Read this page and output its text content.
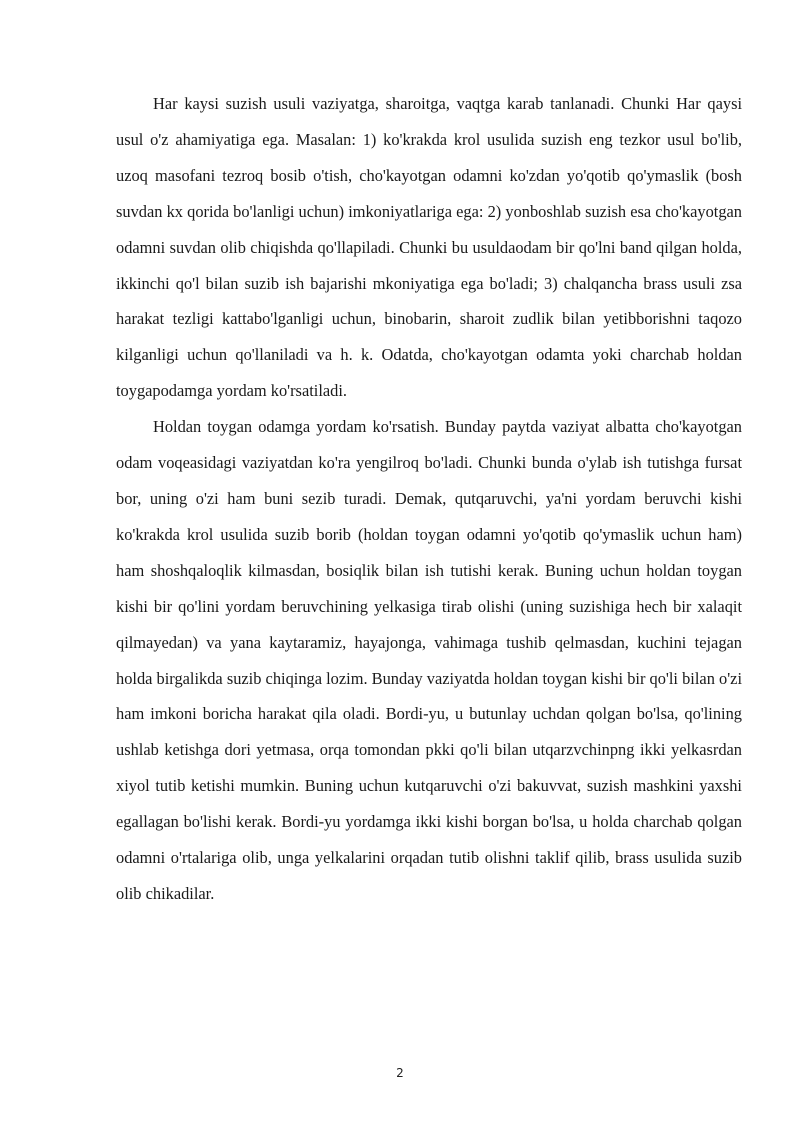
Har kaysi suzish usuli vaziyatga, sharoitga, vaqtga karab tanlanadi. Chunki Har qaysi usul o'z ahamiyatiga ega. Masalan: 1) ko'krakda krol usulida suzish eng tezkor usul bo'lib, uzoq masofani tezroq bosib o'tish, cho'kayotgan odamni ko'zdan yo'qotib qo'ymaslik (bosh suvdan kx qorida bo'lanligi uchun) imkoniyatlariga ega: 2) yonboshlab suzish esa cho'kayotgan odamni suvdan olib chiqishda qo'llapiladi. Chunki bu usuldaodam bir qo'lni band qilgan holda, ikkinchi qo'l bilan suzib ish bajarishi mkoniyatiga ega bo'ladi; 3) chalqancha brass usuli zsa harakat tezligi kattabo'lganligi uchun, binobarin, sharoit zudlik bilan yetibborishni taqozo kilganligi uchun qo'llaniladi va h. k. Odatda, cho'kayotgan odamta yoki charchab holdan toygapodamga yordam ko'rsatiladi.

Holdan toygan odamga yordam ko'rsatish. Bunday paytda vaziyat albatta cho'kayotgan odam voqeasidagi vaziyatdan ko'ra yengilroq bo'ladi. Chunki bunda o'ylab ish tutishga fursat bor, uning o'zi ham buni sezib turadi. Demak, qutqaruvchi, ya'ni yordam beruvchi kishi ko'krakda krol usulida suzib borib (holdan toygan odamni yo'qotib qo'ymaslik uchun ham) ham shoshqaloqlik kilmasdan, bosiqlik bilan ish tutishi kerak. Buning uchun holdan toygan kishi bir qo'lini yordam beruvchining yelkasiga tirab olishi (uning suzishiga hech bir xalaqit qilmayedan) va yana kaytaramiz, hayajonga, vahimaga tushib qelmasdan, kuchini tejagan holda birgalikda suzib chiqinga lozim. Bunday vaziyatda holdan toygan kishi bir qo'li bilan o'zi ham imkoni boricha harakat qila oladi. Bordi-yu, u butunlay uchdan qolgan bo'lsa, qo'lining ushlab ketishga dori yetmasa, orqa tomondan pkki qo'li bilan utqarzvchinpng ikki yelkasrdan xiyol tutib ketishi mumkin. Buning uchun kutqaruvchi o'zi bakuvvat, suzish mashkini yaxshi egallagan bo'lishi kerak. Bordi-yu yordamga ikki kishi borgan bo'lsa, u holda charchab qolgan odamni o'rtalariga olib, unga yelkalarini orqadan tutib olishni taklif qilib, brass usulida suzib olib chikadilar.

2
